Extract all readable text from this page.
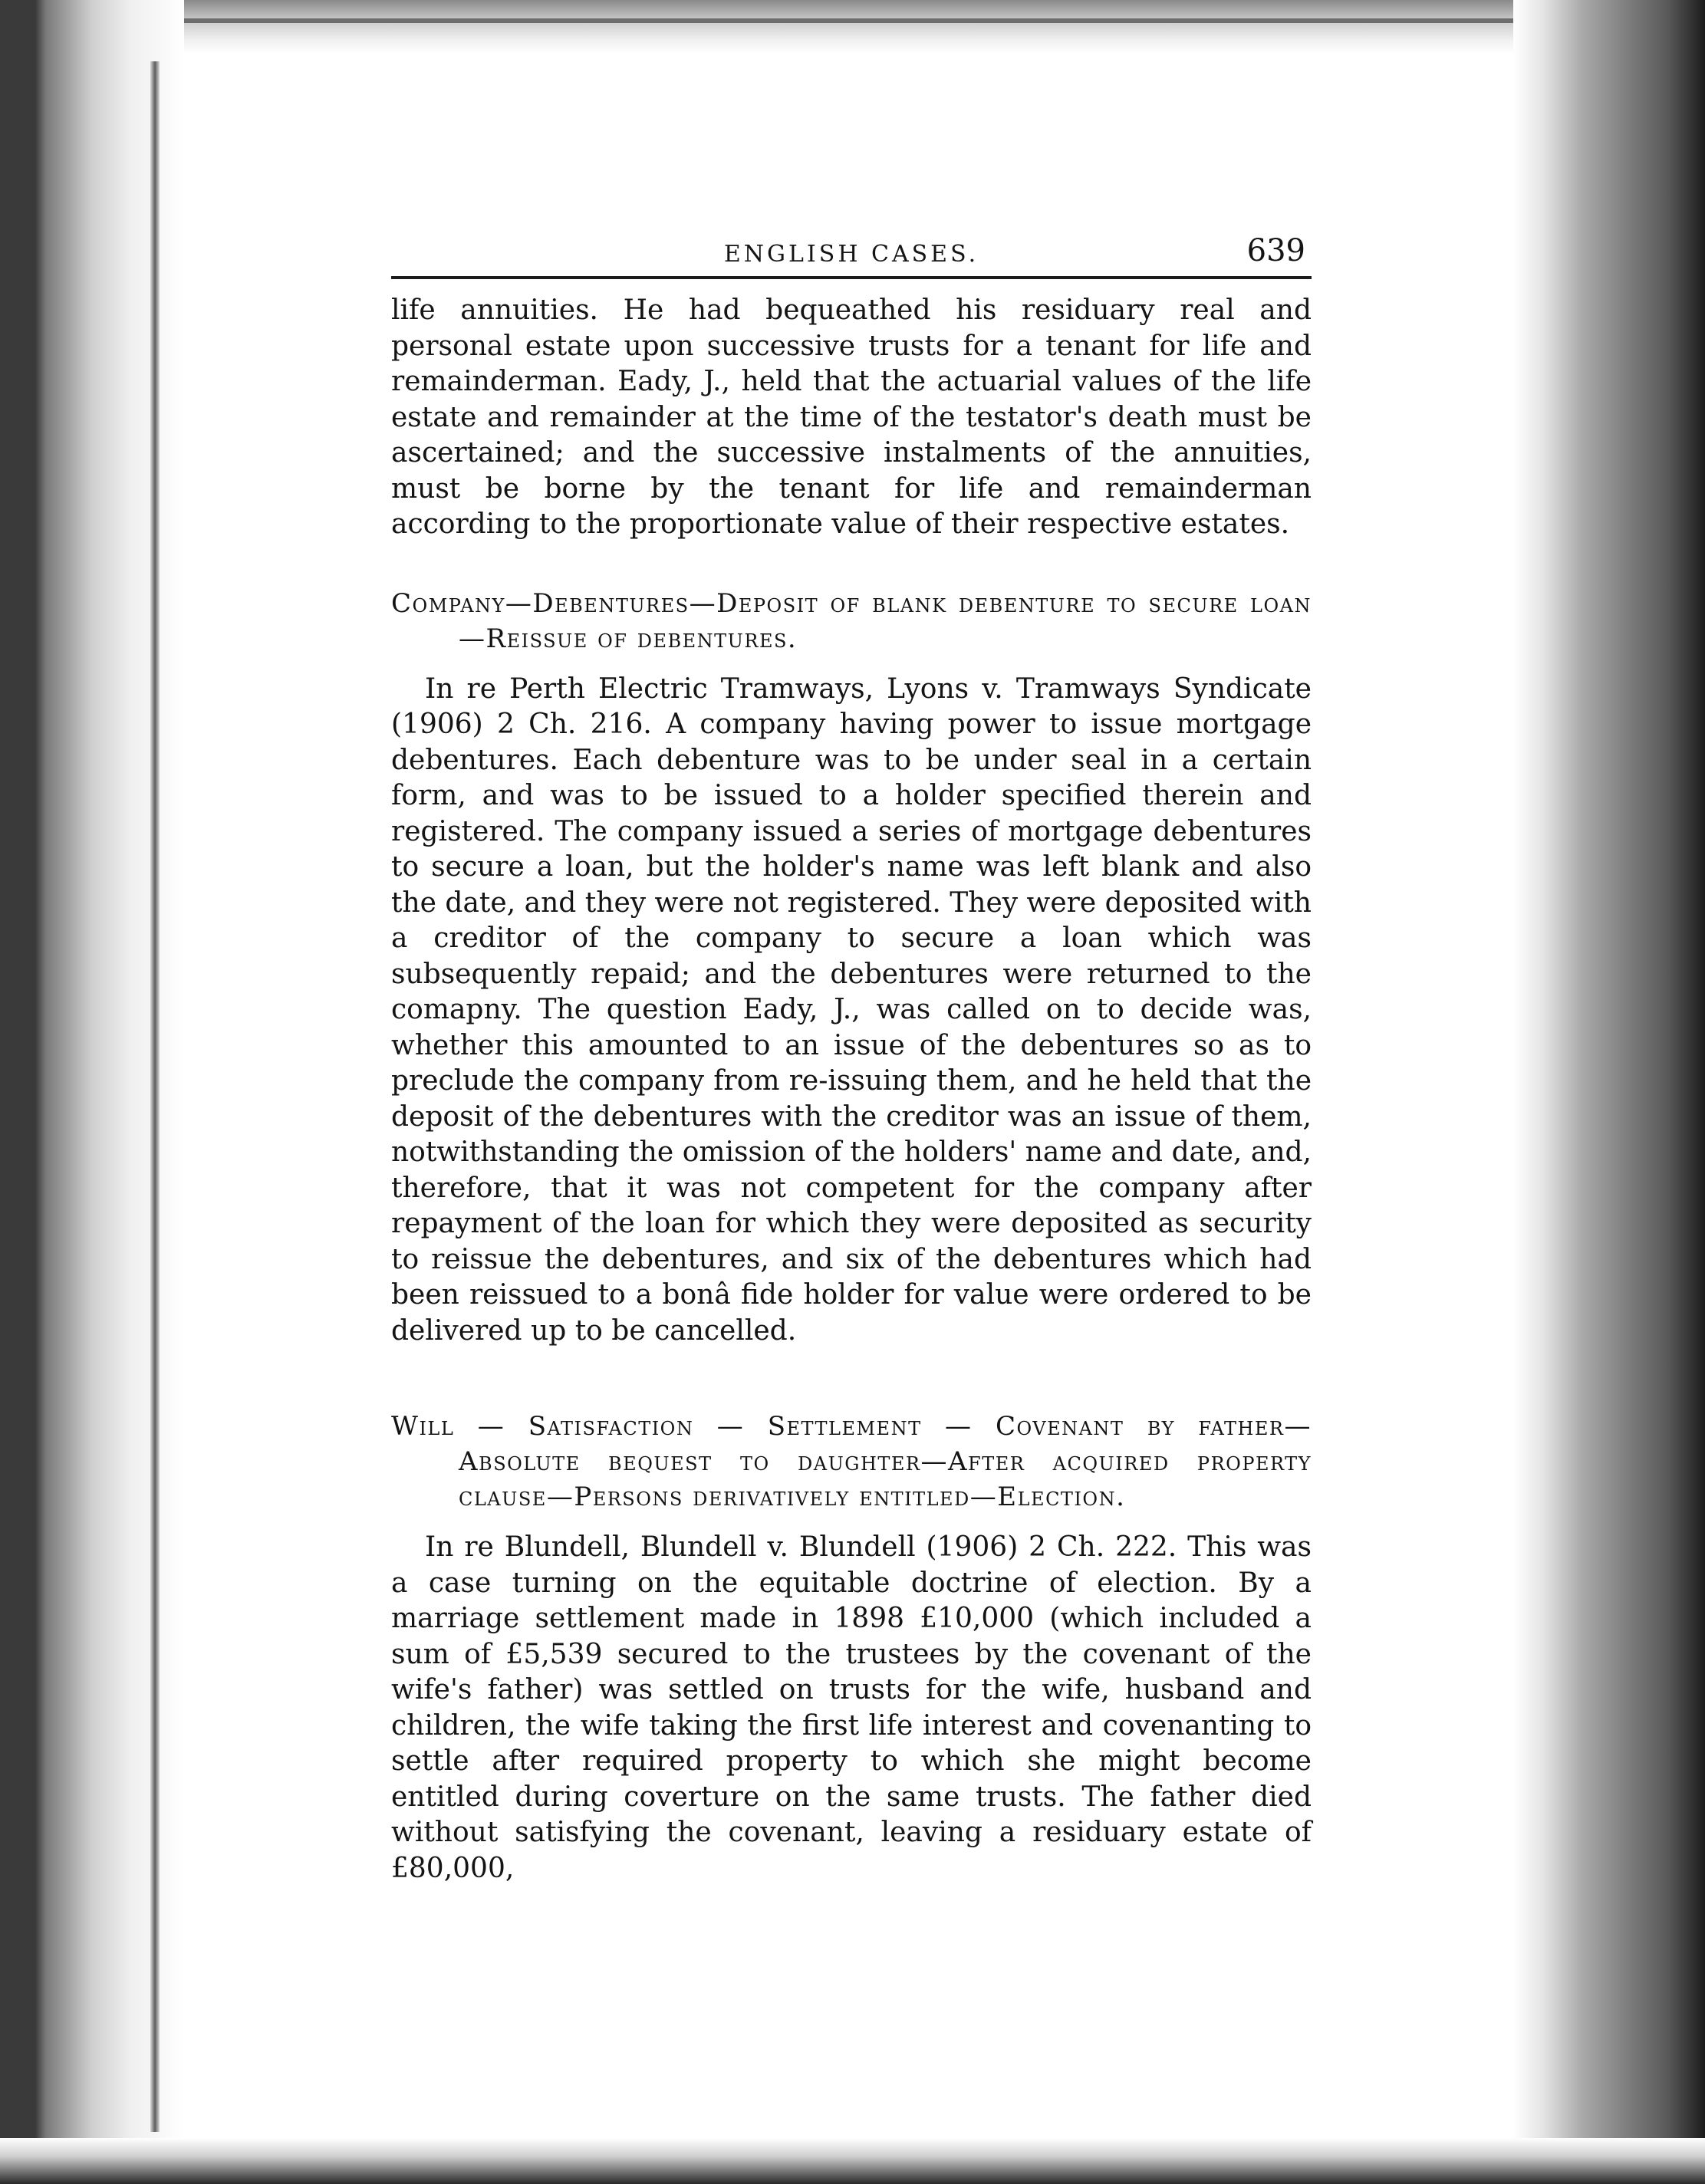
ENGLISH CASES.	639

life annuities. He had bequeathed his residuary real and personal estate upon successive trusts for a tenant for life and remainderman. Eady, J., held that the actuarial values of the life estate and remainder at the time of the testator's death must be ascertained; and the successive instalments of the annuities, must be borne by the tenant for life and remainderman according to the proportionate value of their respective estates.

Company—Debentures—Deposit of blank debenture to secure loan—Reissue of debentures.

In re Perth Electric Tramways, Lyons v. Tramways Syndicate (1906) 2 Ch. 216. A company having power to issue mortgage debentures. Each debenture was to be under seal in a certain form, and was to be issued to a holder specified therein and registered. The company issued a series of mortgage debentures to secure a loan, but the holder's name was left blank and also the date, and they were not registered. They were deposited with a creditor of the company to secure a loan which was subsequently repaid; and the debentures were returned to the comapny. The question Eady, J., was called on to decide was, whether this amounted to an issue of the debentures so as to preclude the company from re-issuing them, and he held that the deposit of the debentures with the creditor was an issue of them, notwithstanding the omission of the holders' name and date, and, therefore, that it was not competent for the company after repayment of the loan for which they were deposited as security to reissue the debentures, and six of the debentures which had been reissued to a bonâ fide holder for value were ordered to be delivered up to be cancelled.

Will — Satisfaction — Settlement — Covenant by father—Absolute bequest to daughter—After acquired property clause—Persons derivatively entitled—Election.

In re Blundell, Blundell v. Blundell (1906) 2 Ch. 222. This was a case turning on the equitable doctrine of election. By a marriage settlement made in 1898 £10,000 (which included a sum of £5,539 secured to the trustees by the covenant of the wife's father) was settled on trusts for the wife, husband and children, the wife taking the first life interest and covenanting to settle after required property to which she might become entitled during coverture on the same trusts. The father died without satisfying the covenant, leaving a residuary estate of £80,000,
